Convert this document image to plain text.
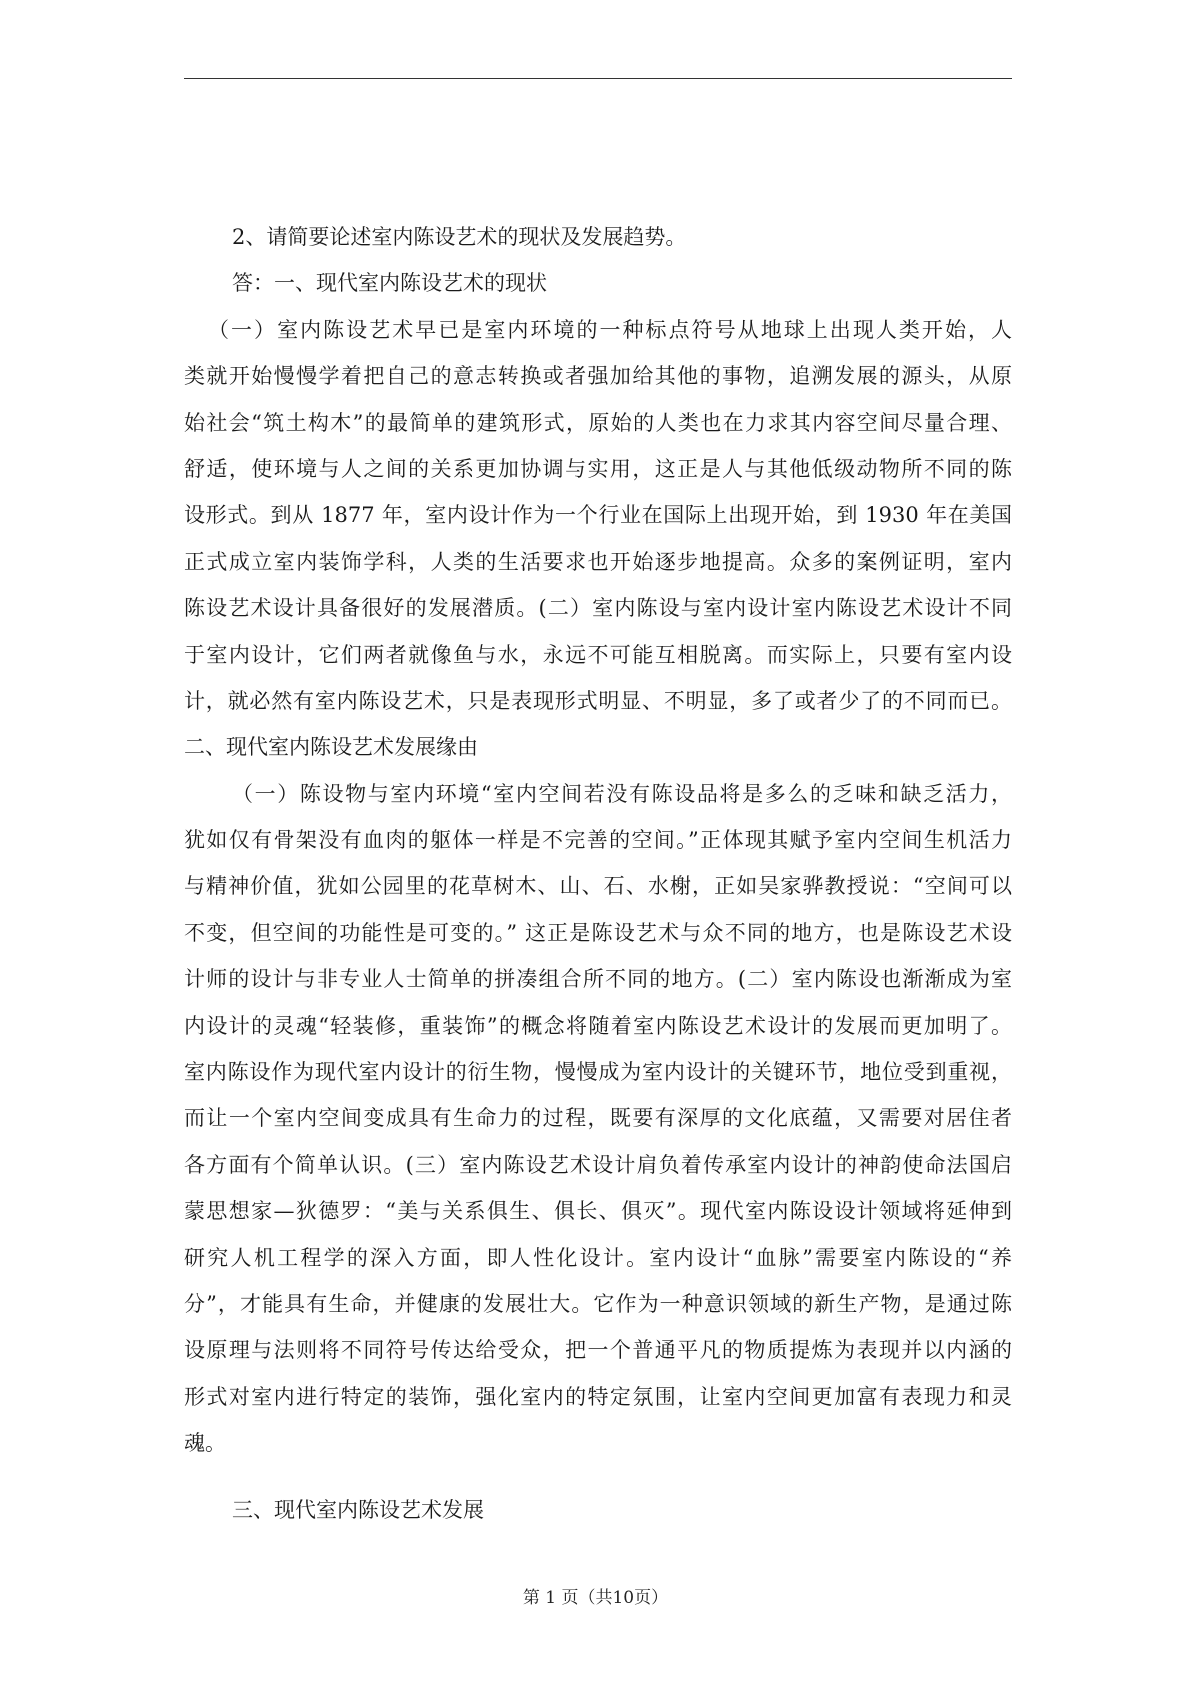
2、请简要论述室内陈设艺术的现状及发展趋势。
答：一、现代室内陈设艺术的现状
（一）室内陈设艺术早已是室内环境的一种标点符号从地球上出现人类开始，人
类就开始慢慢学着把自己的意志转换或者强加给其他的事物，追溯发展的源头，从原
始社会“筑土构木”的最简单的建筑形式，原始的人类也在力求其内容空间尽量合理、
舒适，使环境与人之间的关系更加协调与实用，这正是人与其他低级动物所不同的陈
设形式。到从 1877 年，室内设计作为一个行业在国际上出现开始，到 1930 年在美国
正式成立室内装饰学科，人类的生活要求也开始逐步地提高。众多的案例证明，室内
陈设艺术设计具备很好的发展潜质。(二）室内陈设与室内设计室内陈设艺术设计不同
于室内设计，它们两者就像鱼与水，永远不可能互相脱离。而实际上，只要有室内设
计，就必然有室内陈设艺术，只是表现形式明显、不明显，多了或者少了的不同而已。
二、现代室内陈设艺术发展缘由
（一）陈设物与室内环境“室内空间若没有陈设品将是多么的乏味和缺乏活力，
犹如仅有骨架没有血肉的躯体一样是不完善的空间。”正体现其赋予室内空间生机活力
与精神价值，犹如公园里的花草树木、山、石、水榭，正如吴家骅教授说：“空间可以
不变，但空间的功能性是可变的。” 这正是陈设艺术与众不同的地方，也是陈设艺术设
计师的设计与非专业人士简单的拼凑组合所不同的地方。(二）室内陈设也渐渐成为室
内设计的灵魂“轻装修，重装饰”的概念将随着室内陈设艺术设计的发展而更加明了。
室内陈设作为现代室内设计的衍生物，慢慢成为室内设计的关键环节，地位受到重视，
而让一个室内空间变成具有生命力的过程，既要有深厚的文化底蕴，又需要对居住者
各方面有个简单认识。(三）室内陈设艺术设计肩负着传承室内设计的神韵使命法国启
蒙思想家—狄德罗：“美与关系俱生、俱长、俱灭”。现代室内陈设设计领域将延伸到
研究人机工程学的深入方面，即人性化设计。室内设计“血脉”需要室内陈设的“养
分”，才能具有生命，并健康的发展壮大。它作为一种意识领域的新生产物，是通过陈
设原理与法则将不同符号传达给受众，把一个普通平凡的物质提炼为表现并以内涵的
形式对室内进行特定的装饰，强化室内的特定氛围，让室内空间更加富有表现力和灵
魂。
三、现代室内陈设艺术发展
第 1 页（共10页）
